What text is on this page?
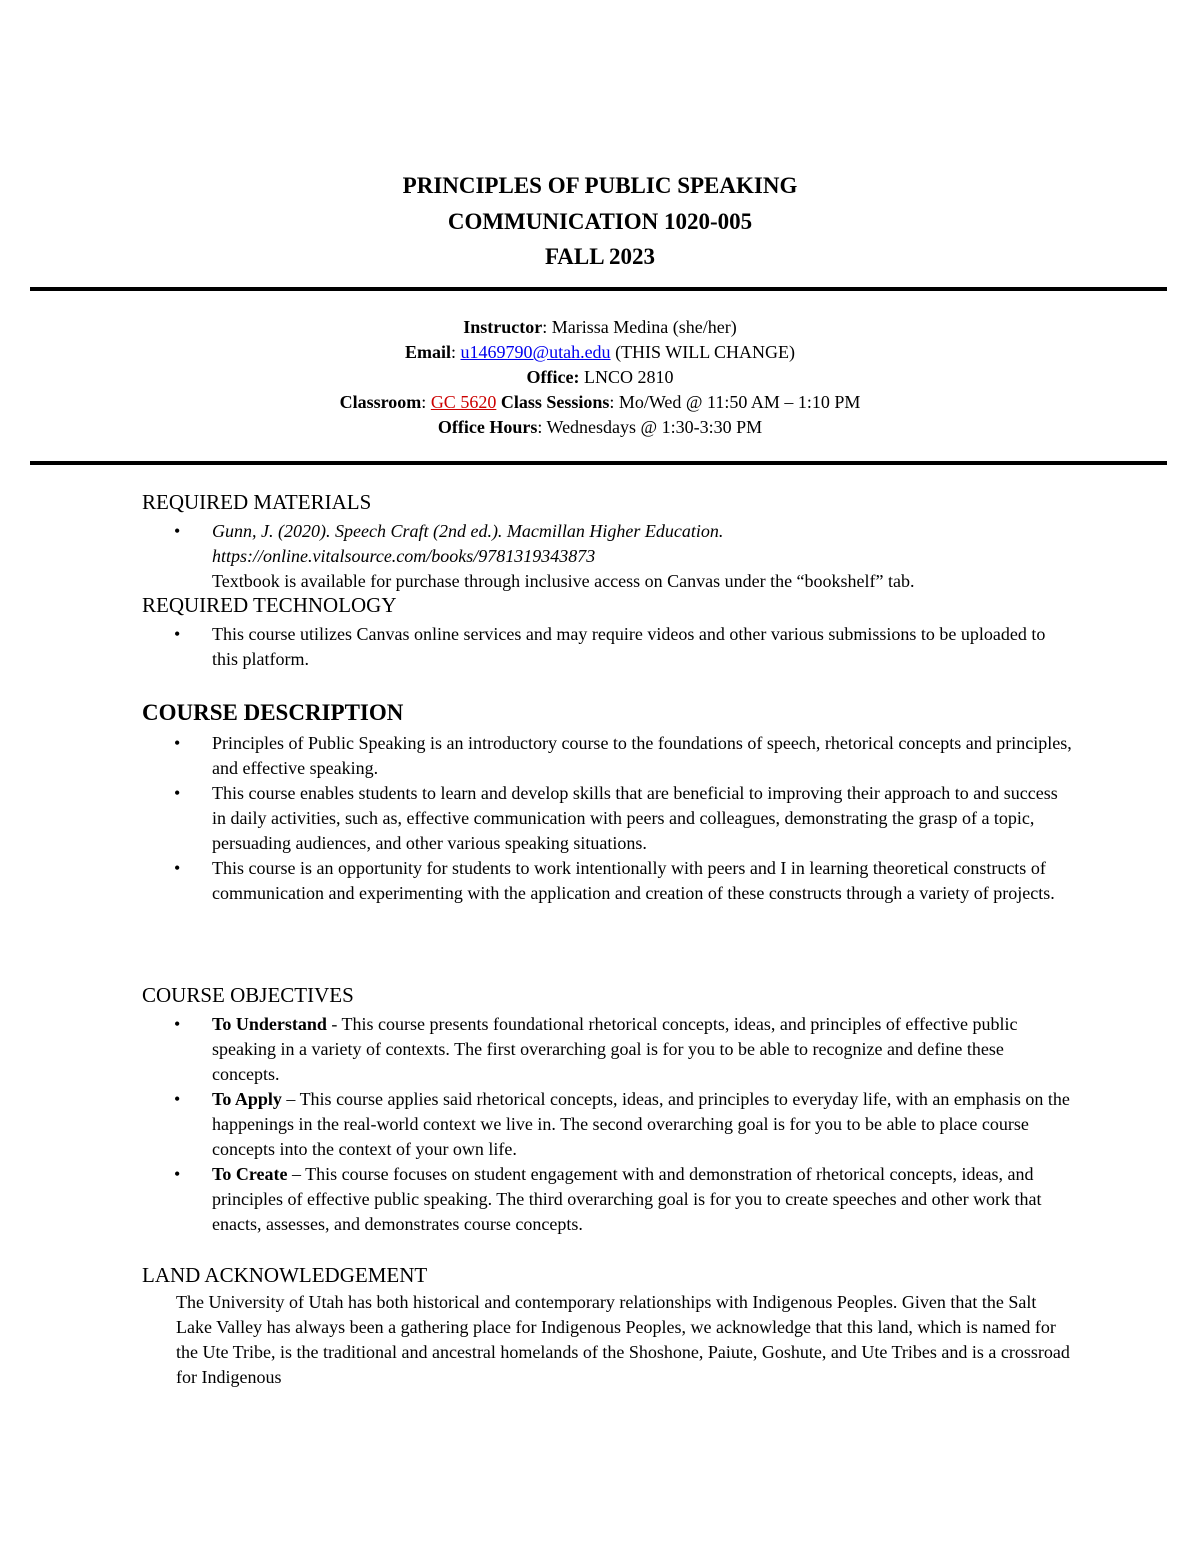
PRINCIPLES OF PUBLIC SPEAKING
COMMUNICATION 1020-005
FALL 2023
Instructor: Marissa Medina (she/her)
Email: u1469790@utah.edu (THIS WILL CHANGE)
Office: LNCO 2810
Classroom: GC 5620 Class Sessions: Mo/Wed @ 11:50 AM – 1:10 PM
Office Hours: Wednesdays @ 1:30-3:30 PM
REQUIRED MATERIALS
• Gunn, J. (2020). Speech Craft (2nd ed.). Macmillan Higher Education.
https://online.vitalsource.com/books/9781319343873
Textbook is available for purchase through inclusive access on Canvas under the “bookshelf” tab.
REQUIRED TECHNOLOGY
• This course utilizes Canvas online services and may require videos and other various submissions to be uploaded to this platform.
COURSE DESCRIPTION
• Principles of Public Speaking is an introductory course to the foundations of speech, rhetorical concepts and principles, and effective speaking.
• This course enables students to learn and develop skills that are beneficial to improving their approach to and success in daily activities, such as, effective communication with peers and colleagues, demonstrating the grasp of a topic, persuading audiences, and other various speaking situations.
• This course is an opportunity for students to work intentionally with peers and I in learning theoretical constructs of communication and experimenting with the application and creation of these constructs through a variety of projects.
COURSE OBJECTIVES
• To Understand - This course presents foundational rhetorical concepts, ideas, and principles of effective public speaking in a variety of contexts. The first overarching goal is for you to be able to recognize and define these concepts.
• To Apply – This course applies said rhetorical concepts, ideas, and principles to everyday life, with an emphasis on the happenings in the real-world context we live in. The second overarching goal is for you to be able to place course concepts into the context of your own life.
• To Create – This course focuses on student engagement with and demonstration of rhetorical concepts, ideas, and principles of effective public speaking. The third overarching goal is for you to create speeches and other work that enacts, assesses, and demonstrates course concepts.
LAND ACKNOWLEDGEMENT
The University of Utah has both historical and contemporary relationships with Indigenous Peoples. Given that the Salt Lake Valley has always been a gathering place for Indigenous Peoples, we acknowledge that this land, which is named for the Ute Tribe, is the traditional and ancestral homelands of the Shoshone, Paiute, Goshute, and Ute Tribes and is a crossroad for Indigenous
